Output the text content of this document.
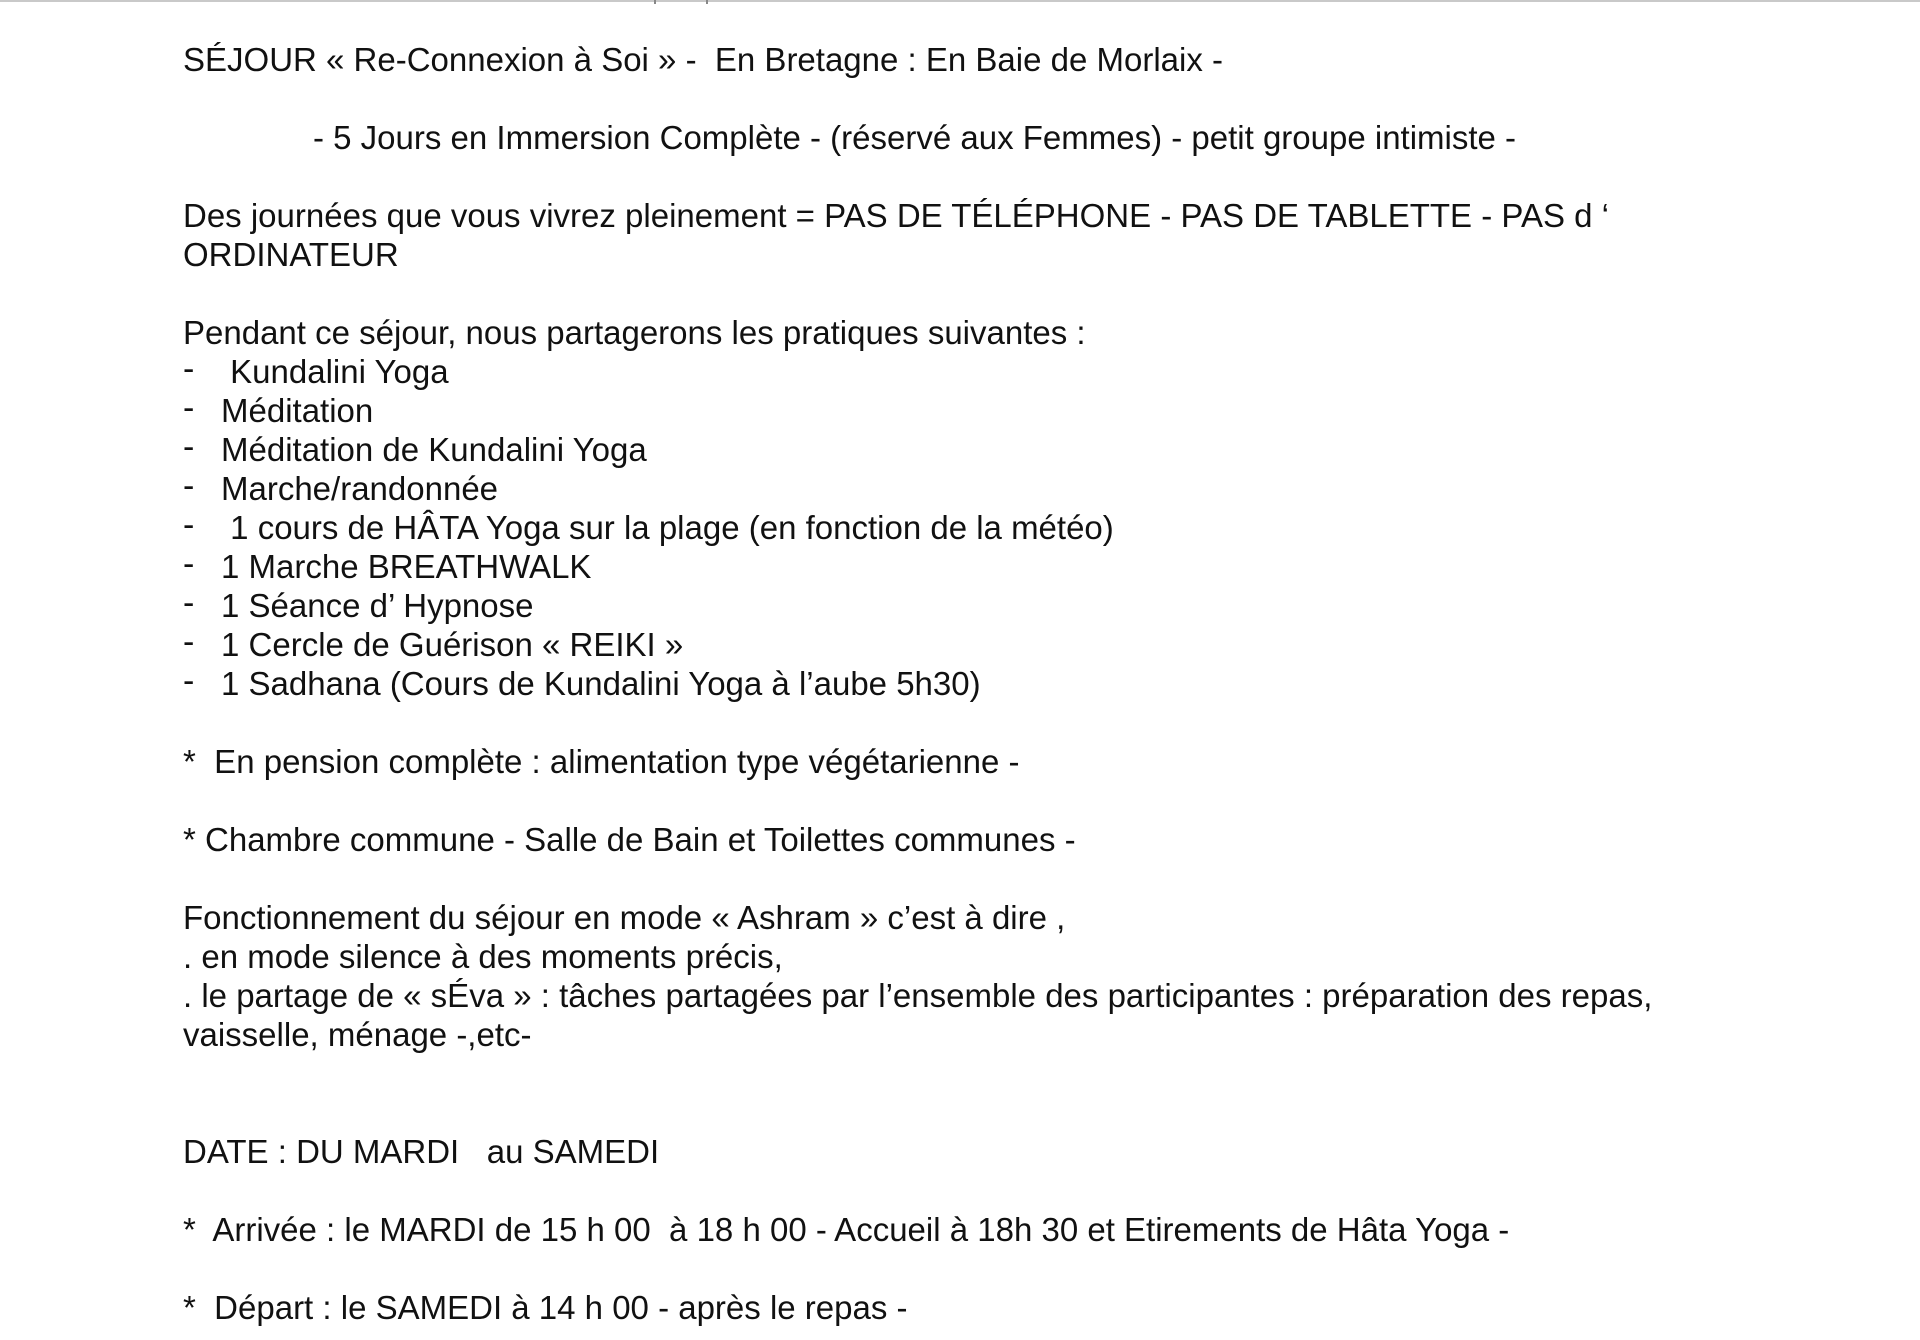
SÉJOUR « Re-Connexion à Soi » -  En Bretagne : En Baie de Morlaix -

- 5 Jours en Immersion Complète - (réservé aux Femmes) - petit groupe intimiste -

Des journées que vous vivrez pleinement = PAS DE TÉLÉPHONE - PAS DE TABLETTE - PAS d ‘ ORDINATEUR

Pendant ce séjour, nous partagerons les pratiques suivantes :

- Kundalini Yoga
- Méditation
- Méditation de Kundalini Yoga
- Marche/randonnée
- 1 cours de HÂTA Yoga sur la plage (en fonction de la météo)
- 1 Marche BREATHWALK
- 1 Séance d’ Hypnose
- 1 Cercle de Guérison « REIKI »
- 1 Sadhana (Cours de Kundalini Yoga à l’aube 5h30)

*  En pension complète : alimentation type végétarienne -

* Chambre commune - Salle de Bain et Toilettes communes -

Fonctionnement du séjour en mode « Ashram » c’est à dire ,

. en mode silence à des moments précis,

. le partage de « sÉva » : tâches partagées par l’ensemble des participantes : préparation des repas, vaisselle, ménage -,etc-

DATE : DU MARDI   au SAMEDI

*  Arrivée : le MARDI de 15 h 00  à 18 h 00 - Accueil à 18h 30 et Etirements de Hâta Yoga -

*  Départ : le SAMEDI à 14 h 00 - après le repas -
